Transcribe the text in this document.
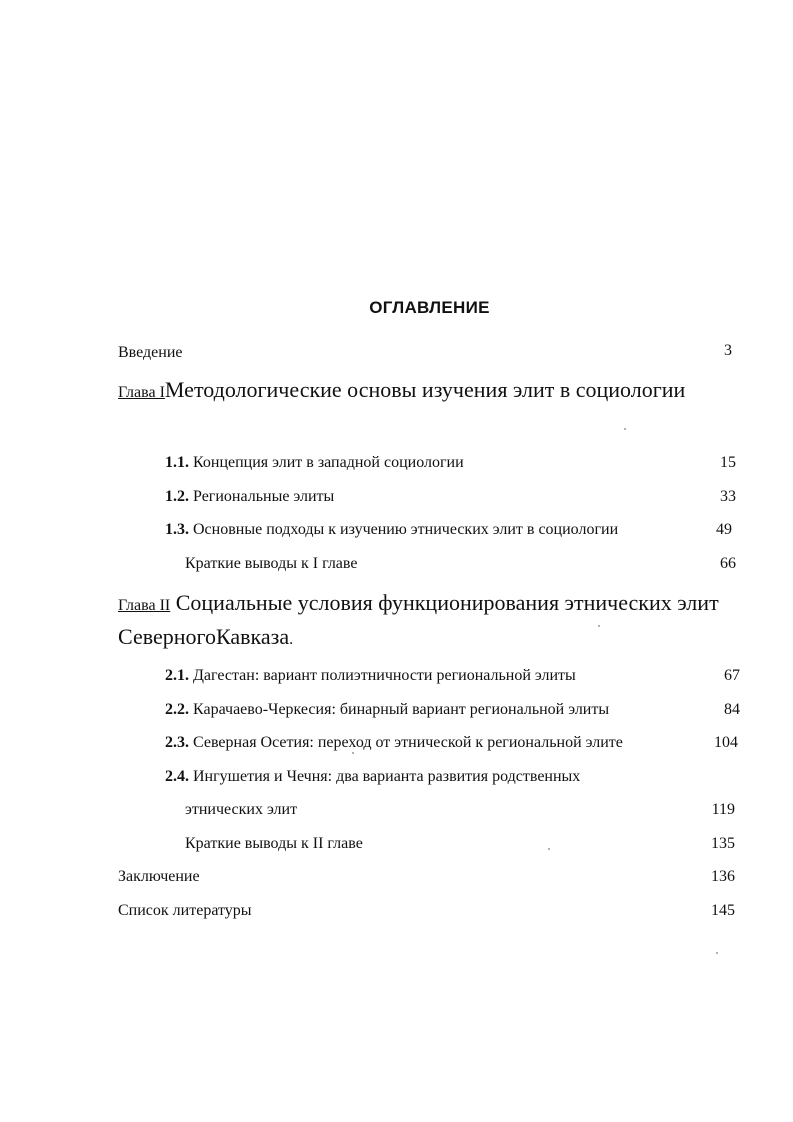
ОГЛАВЛЕНИЕ
Введение	3
Глава IМетодологические основы изучения элит в социологии
1.1. Концепция элит в западной социологии	15
1.2. Региональные элиты	33
1.3. Основные подходы к изучению этнических элит в социологии	49
Краткие выводы к I главе	66
Глава II Социальные условия функционирования этнических элит СеверногоКавказа.
2.1. Дагестан: вариант полиэтничности региональной элиты	67
2.2. Карачаево-Черкесия: бинарный вариант региональной элиты	84
2.3. Северная Осетия: переход от этнической к региональной элите	104
2.4. Ингушетия и Чечня: два варианта развития родственных
этнических элит	119
Краткие выводы к II главе	135
Заключение	136
Список литературы	145
